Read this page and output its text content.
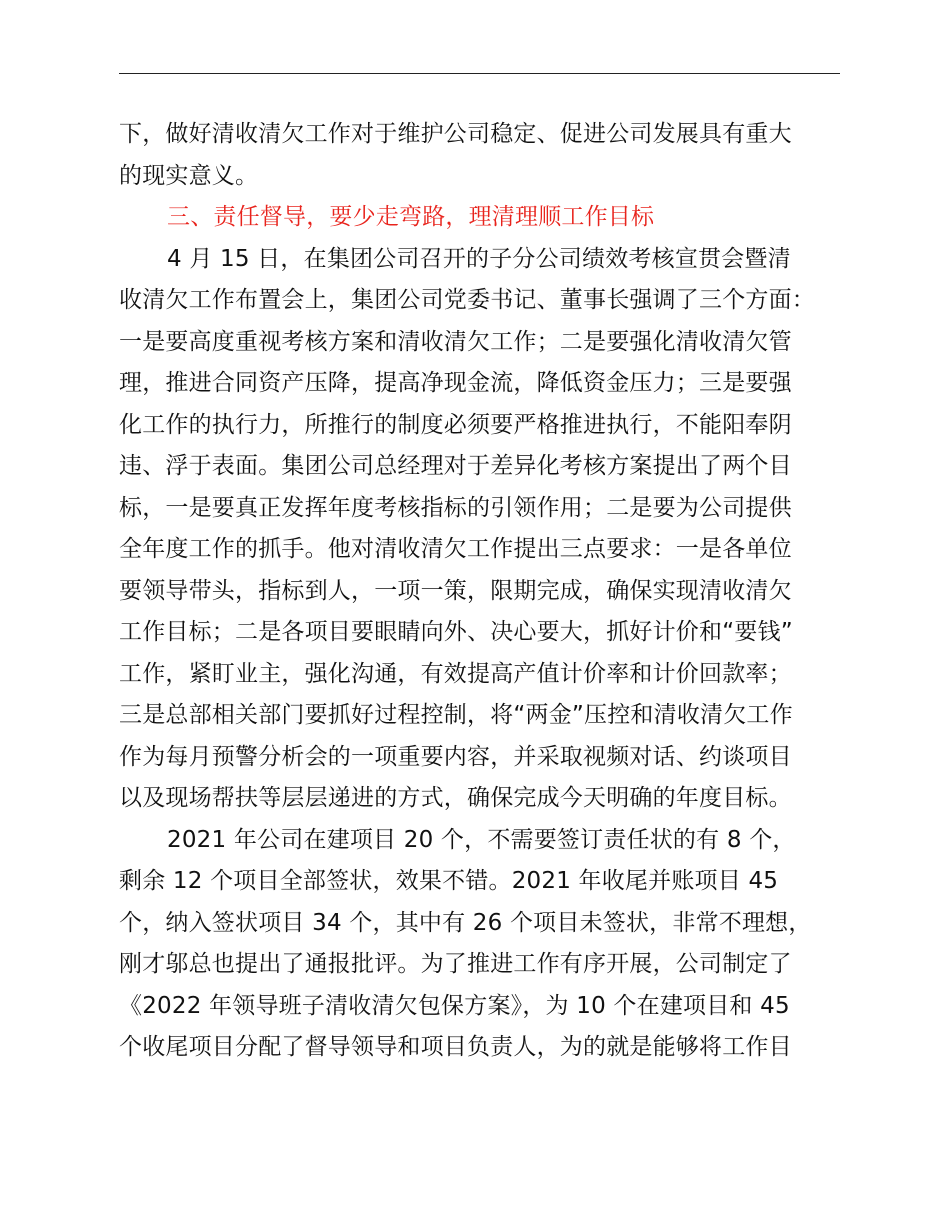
下，做好清收清欠工作对于维护公司稳定、促进公司发展具有重大
的现实意义。
三、责任督导，要少走弯路，理清理顺工作目标
4 月 15 日，在集团公司召开的子分公司绩效考核宣贯会暨清
收清欠工作布置会上，集团公司党委书记、董事长强调了三个方面：
一是要高度重视考核方案和清收清欠工作；二是要强化清收清欠管
理，推进合同资产压降，提高净现金流，降低资金压力；三是要强
化工作的执行力，所推行的制度必须要严格推进执行，不能阳奉阴
违、浮于表面。集团公司总经理对于差异化考核方案提出了两个目
标，一是要真正发挥年度考核指标的引领作用；二是要为公司提供
全年度工作的抓手。他对清收清欠工作提出三点要求：一是各单位
要领导带头，指标到人，一项一策，限期完成，确保实现清收清欠
工作目标；二是各项目要眼睛向外、决心要大，抓好计价和“要钱”
工作，紧盯业主，强化沟通，有效提高产值计价率和计价回款率；
三是总部相关部门要抓好过程控制，将“两金”压控和清收清欠工作
作为每月预警分析会的一项重要内容，并采取视频对话、约谈项目
以及现场帮扶等层层递进的方式，确保完成今天明确的年度目标。
2021 年公司在建项目 20 个，不需要签订责任状的有 8 个，
剩余 12 个项目全部签状，效果不错。2021 年收尾并账项目 45
个，纳入签状项目 34 个，其中有 26 个项目未签状，非常不理想，
刚才邬总也提出了通报批评。为了推进工作有序开展，公司制定了
《2022 年领导班子清收清欠包保方案》，为 10 个在建项目和 45
个收尾项目分配了督导领导和项目负责人，为的就是能够将工作目
